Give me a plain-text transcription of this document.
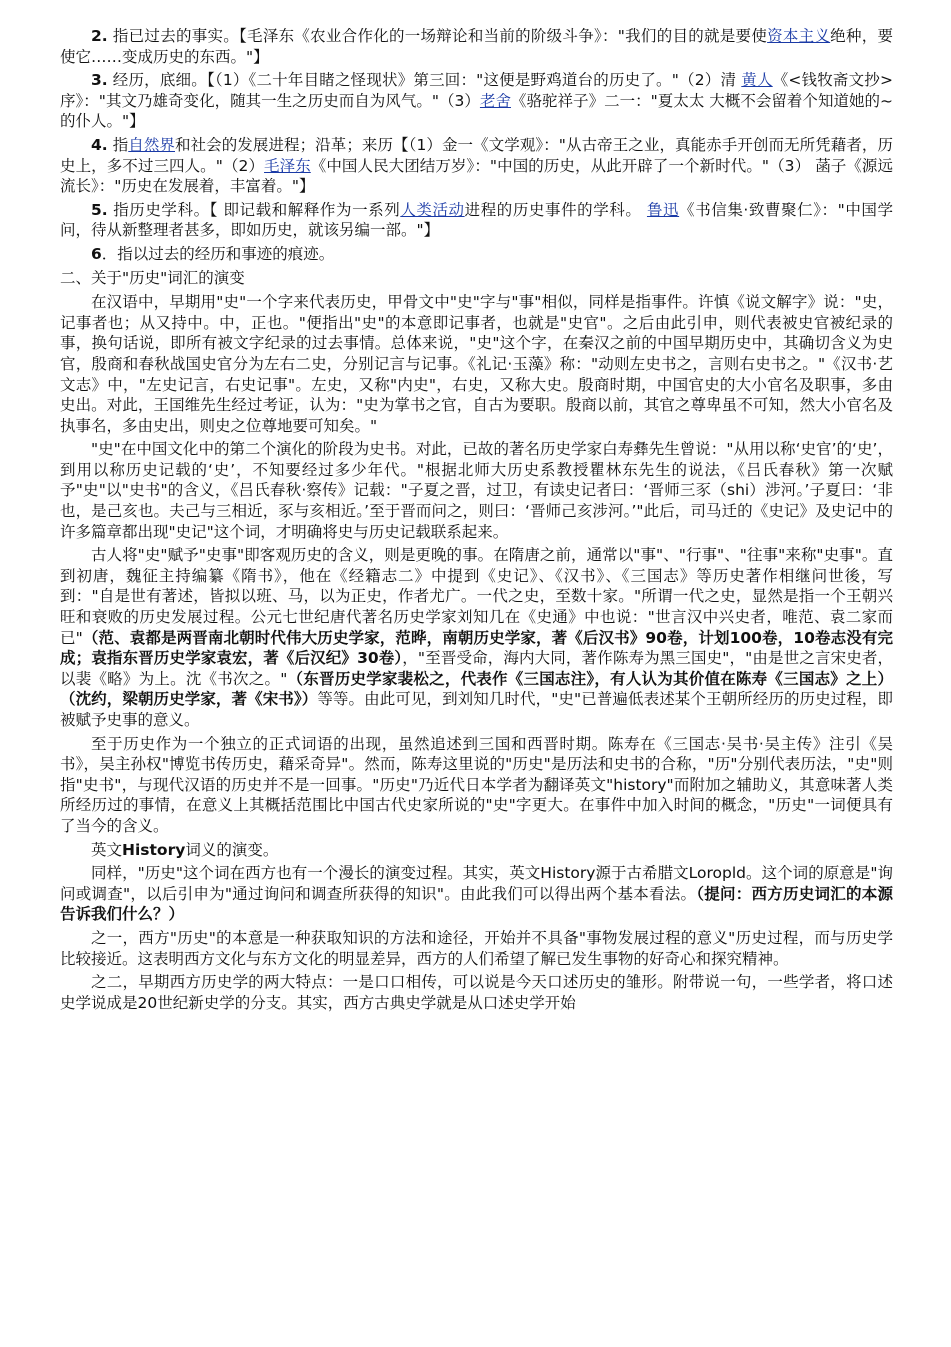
2. 指已过去的事实。【毛泽东《农业合作化的一场辩论和当前的阶级斗争》："我们的目的就是要使资本主义绝种，要使它……变成历史的东西。"】

3. 经历，底细。【（1）《二十年目睹之怪现状》第三回："这便是野鸡道台的历史了。"（2）清 黄人《<钱牧斋文抄>序》："其文乃雄奇变化，随其一生之历史而自为风气。"（3）老舍《骆驼祥子》二一："夏太太 大概不会留着个知道她的~的仆人。"】

4. 指自然界和社会的发展进程；沿革；来历【（1）金一《文学观》："从古帝王之业，真能赤手开创而无所凭藉者，历史上，多不过三四人。"（2）毛泽东《中国人民大团结万岁》："中国的历史，从此开辟了一个新时代。"（3） 菡子《源远流长》："历史在发展着，丰富着。"】

5. 指历史学科。【 即记载和解释作为一系列人类活动进程的历史事件的学科。 鲁迅《书信集·致曹聚仁》："中国学问，待从新整理者甚多，即如历史，就该另编一部。"】

6．指以过去的经历和事迹的痕迹。

二、关于"历史"词汇的演变

在汉语中，早期用"史"一个字来代表历史，甲骨文中"史"字与"事"相似，同样是指事件。许慎《说文解字》说："史，记事者也；从又持中。中，正也。"便指出"史"的本意即记事者，也就是"史官"。之后由此引申，则代表被史官被纪录的事，换句话说，即所有被文字纪录的过去事情。总体来说，"史"这个字，在秦汉之前的中国早期历史中，其确切含义为史官，殷商和春秋战国史官分为左右二史，分别记言与记事。《礼记·玉藻》称："动则左史书之，言则右史书之。"《汉书·艺文志》中，"左史记言，右史记事"。左史，又称"内史"，右史，又称大史。殷商时期，中国官史的大小官名及职事，多由史出。对此，王国维先生经过考证，认为："史为掌书之官，自古为要职。殷商以前，其官之尊卑虽不可知，然大小官名及执事名，多由史出，则史之位尊地要可知矣。"

"史"在中国文化中的第二个演化的阶段为史书。对此，已故的著名历史学家白寿彝先生曾说："从用以称‘史官’的‘史’，到用以称历史记载的‘史’，不知要经过多少年代。"根据北师大历史系教授瞿林东先生的说法，《吕氏春秋》第一次赋予"史"以"史书"的含义，《吕氏春秋·察传》记载："子夏之晋，过卫，有读史记者曰：‘晋师三豕（shi）涉河。’子夏曰：‘非也，是己亥也。夫己与三相近，豕与亥相近。’至于晋而问之，则曰：‘晋师己亥涉河。’"此后，司马迁的《史记》及史记中的许多篇章都出现"史记"这个词，才明确将史与历史记载联系起来。

古人将"史"赋予"史事"即客观历史的含义，则是更晚的事。在隋唐之前，通常以"事"、"行事"、"往事"来称"史事"。直到初唐，魏征主持编纂《隋书》，他在《经籍志二》中提到《史记》、《汉书》、《三国志》等历史著作相继问世後，写到："自是世有著述，皆拟以班、马，以为正史，作者尤广。一代之史，至数十家。"所谓一代之史，显然是指一个王朝兴旺和衰败的历史发展过程。公元七世纪唐代著名历史学家刘知几在《史通》中也说："世言汉中兴史者，唯范、袁二家而已"（范、袁都是两晋南北朝时代伟大历史学家，范晔，南朝历史学家，著《后汉书》90卷，计划100卷，10卷志没有完成；袁指东晋历史学家袁宏，著《后汉纪》30卷），"至晋受命，海内大同，著作陈寿为黑三国史"，"由是世之言宋史者，以裴《略》为上。沈《书次之。"（东晋历史学家裴松之，代表作《三国志注》，有人认为其价值在陈寿《三国志》之上）（沈约，梁朝历史学家，著《宋书》）等等。由此可见，到刘知几时代，"史"已普遍低表述某个王朝所经历的历史过程，即被赋予史事的意义。

至于历史作为一个独立的正式词语的出现，虽然追述到三国和西晋时期。陈寿在《三国志·吴书·吴主传》注引《吴书》，吴主孙权"博览书传历史，藉采奇异"。然而，陈寿这里说的"历史"是历法和史书的合称，"历"分别代表历法，"史"则指"史书"，与现代汉语的历史并不是一回事。"历史"乃近代日本学者为翻译英文"history"而附加之辅助义，其意味著人类所经历过的事情，在意义上其概括范围比中国古代史家所说的"史"字更大。在事件中加入时间的概念，"历史"一词便具有了当今的含义。

英文History词义的演变。

同样，"历史"这个词在西方也有一个漫长的演变过程。其实，英文History源于古希腊文Loropld。这个词的原意是"询问或调查"，以后引申为"通过询问和调查所获得的知识"。由此我们可以得出两个基本看法。（提问：西方历史词汇的本源告诉我们什么？）

之一，西方"历史"的本意是一种获取知识的方法和途径，开始并不具备"事物发展过程的意义"历史过程，而与历史学比较接近。这表明西方文化与东方文化的明显差异，西方的人们希望了解已发生事物的好奇心和探究精神。

之二，早期西方历史学的两大特点：一是口口相传，可以说是今天口述历史的雏形。附带说一句，一些学者，将口述史学说成是20世纪新史学的分支。其实，西方古典史学就是从口述史学开始
